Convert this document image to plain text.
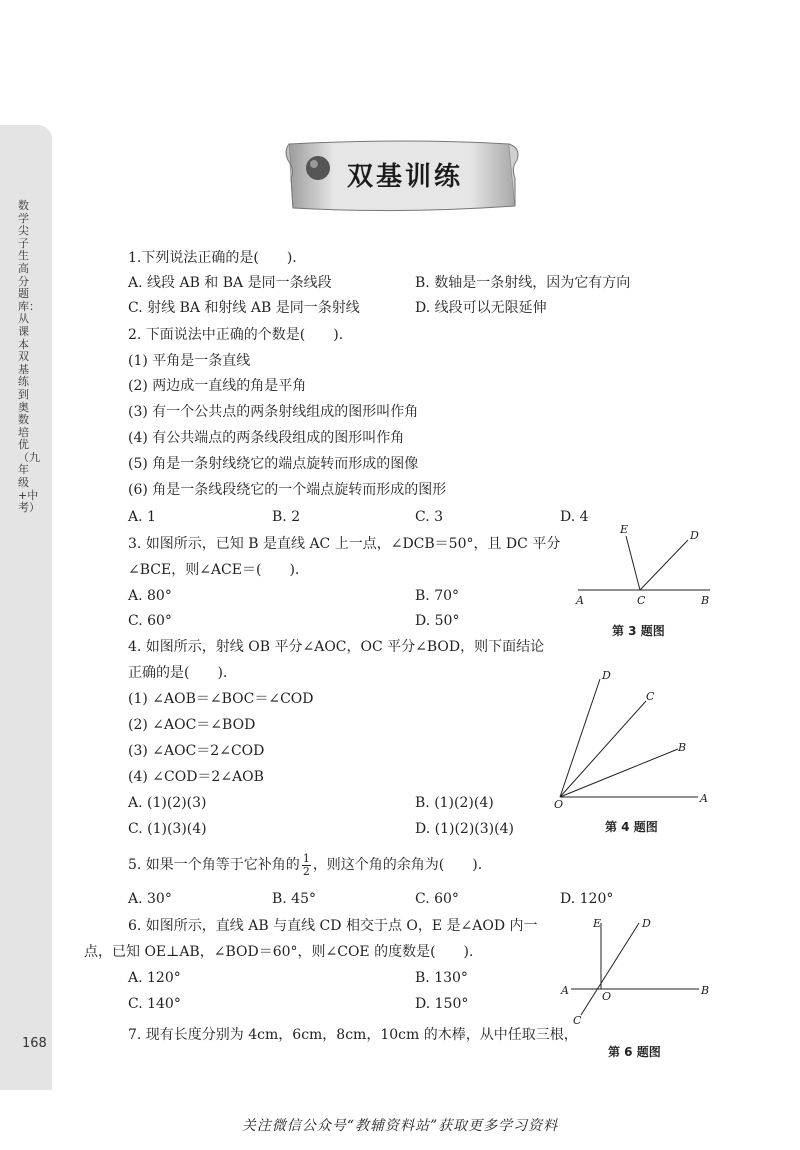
数学尖子生高分题库：从课本双基练到奥数培优（九年级+中考）
168
双基训练
1.下列说法正确的是(　　).
A. 线段 AB 和 BA 是同一条线段	B. 数轴是一条射线，因为它有方向
C. 射线 BA 和射线 AB 是同一条射线	D. 线段可以无限延伸
2. 下面说法中正确的个数是(　　).
(1) 平角是一条直线
(2) 两边成一直线的角是平角
(3) 有一个公共点的两条射线组成的图形叫作角
(4) 有公共端点的两条线段组成的图形叫作角
(5) 角是一条射线绕它的端点旋转而形成的图像
(6) 角是一条线段绕它的一个端点旋转而形成的图形
A. 1	B. 2	C. 3	D. 4
3. 如图所示，已知 B 是直线 AC 上一点，∠DCB＝50°，且 DC 平分
∠BCE，则∠ACE＝(　　).
A. 80°	B. 70°
C. 60°	D. 50°
E	D
A	C	B
第 3 题图
4. 如图所示，射线 OB 平分∠AOC，OC 平分∠BOD，则下面结论
正确的是(　　).
(1) ∠AOB＝∠BOC＝∠COD
(2) ∠AOC＝∠BOD
(3) ∠AOC＝2∠COD
(4) ∠COD＝2∠AOB
A. (1)(2)(3)	B. (1)(2)(4)
C. (1)(3)(4)	D. (1)(2)(3)(4)
D
C
B
O	A
第 4 题图
5. 如果一个角等于它补角的 $\frac{1}{2}$ ，则这个角的余角为(　　).
A. 30°	B. 45°	C. 60°	D. 120°
6. 如图所示，直线 AB 与直线 CD 相交于点 O，E 是∠AOD 内一
点，已知 OE⊥AB，∠BOD＝60°，则∠COE 的度数是(　　).
A. 120°	B. 130°
C. 140°	D. 150°
E	D
A	O	B
C
第 6 题图
7. 现有长度分别为 4cm，6cm，8cm，10cm 的木棒，从中任取三根，
关注微信公众号“教辅资料站”获取更多学习资料
